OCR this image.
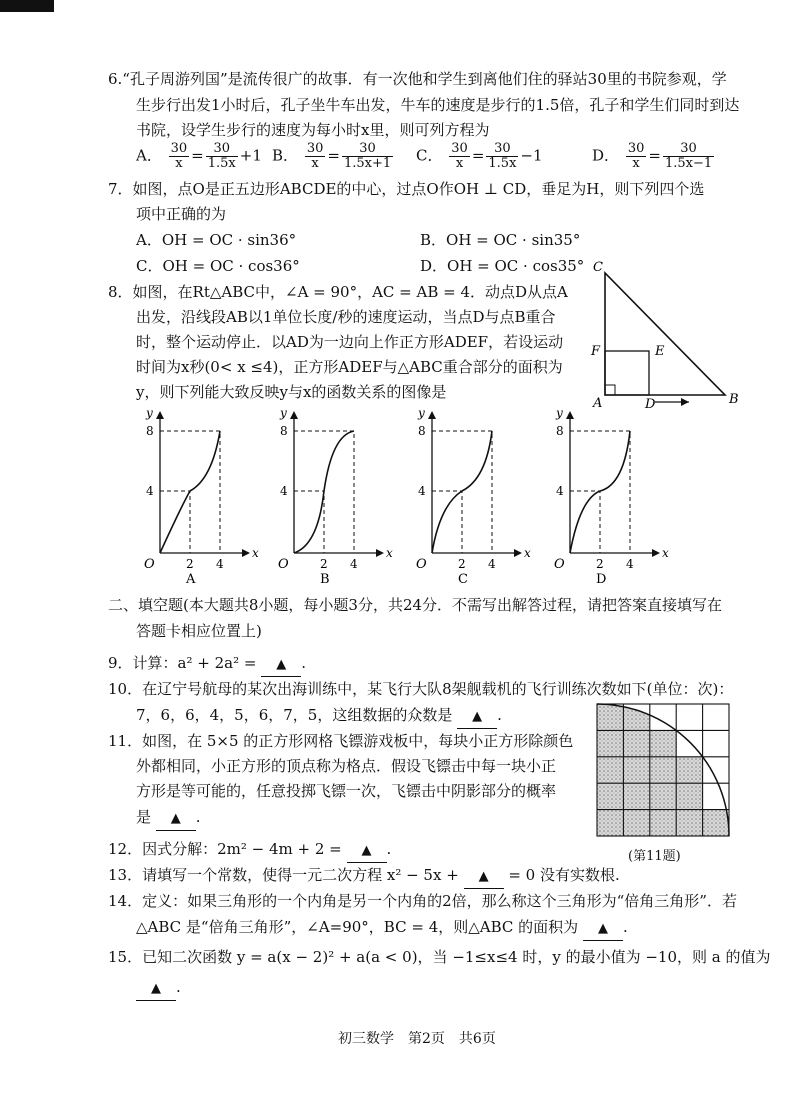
6.“孔子周游列国”是流传很广的故事．有一次他和学生到离他们住的驿站30里的书院参观，学
生步行出发1小时后，孔子坐牛车出发，牛车的速度是步行的1.5倍，孔子和学生们同时到达
书院，设学生步行的速度为每小时x里，则可列方程为
A． $\frac{30}{x} = \frac{30}{1.5x} +1$ B． $\frac{30}{x} = \frac{30}{1.5x+1}$ C． $\frac{30}{x} = \frac{30}{1.5x} -1$	D． $\frac{30}{x} = \frac{30}{1.5x-1}$
7．如图，点O是正五边形ABCDE的中心，过点O作OH ⊥ CD，垂足为H，则下列四个选
项中正确的为
A．OH = OC · sin36°	B．OH = OC · sin35°
C．OH = OC · cos36°	D．OH = OC · cos35°
8．如图，在Rt△ABC中，∠A = 90°，AC = AB = 4．动点D从点A
出发，沿线段AB以1单位长度/秒的速度运动，当点D与点B重合
时，整个运动停止．以AD为一边向上作正方形ADEF，若设运动
时间为x秒(0< x ≤4)，正方形ADEF与△ABC重合部分的面积为
y，则下列能大致反映y与x的函数关系的图像是
C
F	E
A	D	B
y
x
O	2 4
4
8
A
y
x
O	2 4
4
8
B
y
x
O	2 4
4
8
C
y
x
O	2 4
4
8
D
二、填空题(本大题共8小题，每小题3分，共24分．不需写出解答过程，请把答案直接填写在
答题卡相应位置上)
9．计算：a² + 2a² = ▲ .
10．在辽宁号航母的某次出海训练中，某飞行大队8架舰载机的飞行训练次数如下(单位：次)：
7，6，6，4，5，6，7，5，这组数据的众数是 ▲ .
11．如图，在 5×5 的正方形网格飞镖游戏板中，每块小正方形除颜色
外都相同，小正方形的顶点称为格点．假设飞镖击中每一块小正
方形是等可能的，任意投掷飞镖一次，飞镖击中阴影部分的概率
是 ▲ .
(第11题)
12．因式分解：2m² − 4m + 2 = ▲ .
13．请填写一个常数，使得一元二次方程 x² − 5x + ▲ = 0 没有实数根.
14．定义：如果三角形的一个内角是另一个内角的2倍，那么称这个三角形为“倍角三角形”．若
△ABC 是“倍角三角形”，∠A=90°，BC = 4，则△ABC 的面积为 ▲ .
15．已知二次函数 y = a(x − 2)² + a(a < 0)，当 −1≤x≤4 时，y 的最小值为 −10，则 a 的值为
▲ .
初三数学　第2页　共6页
